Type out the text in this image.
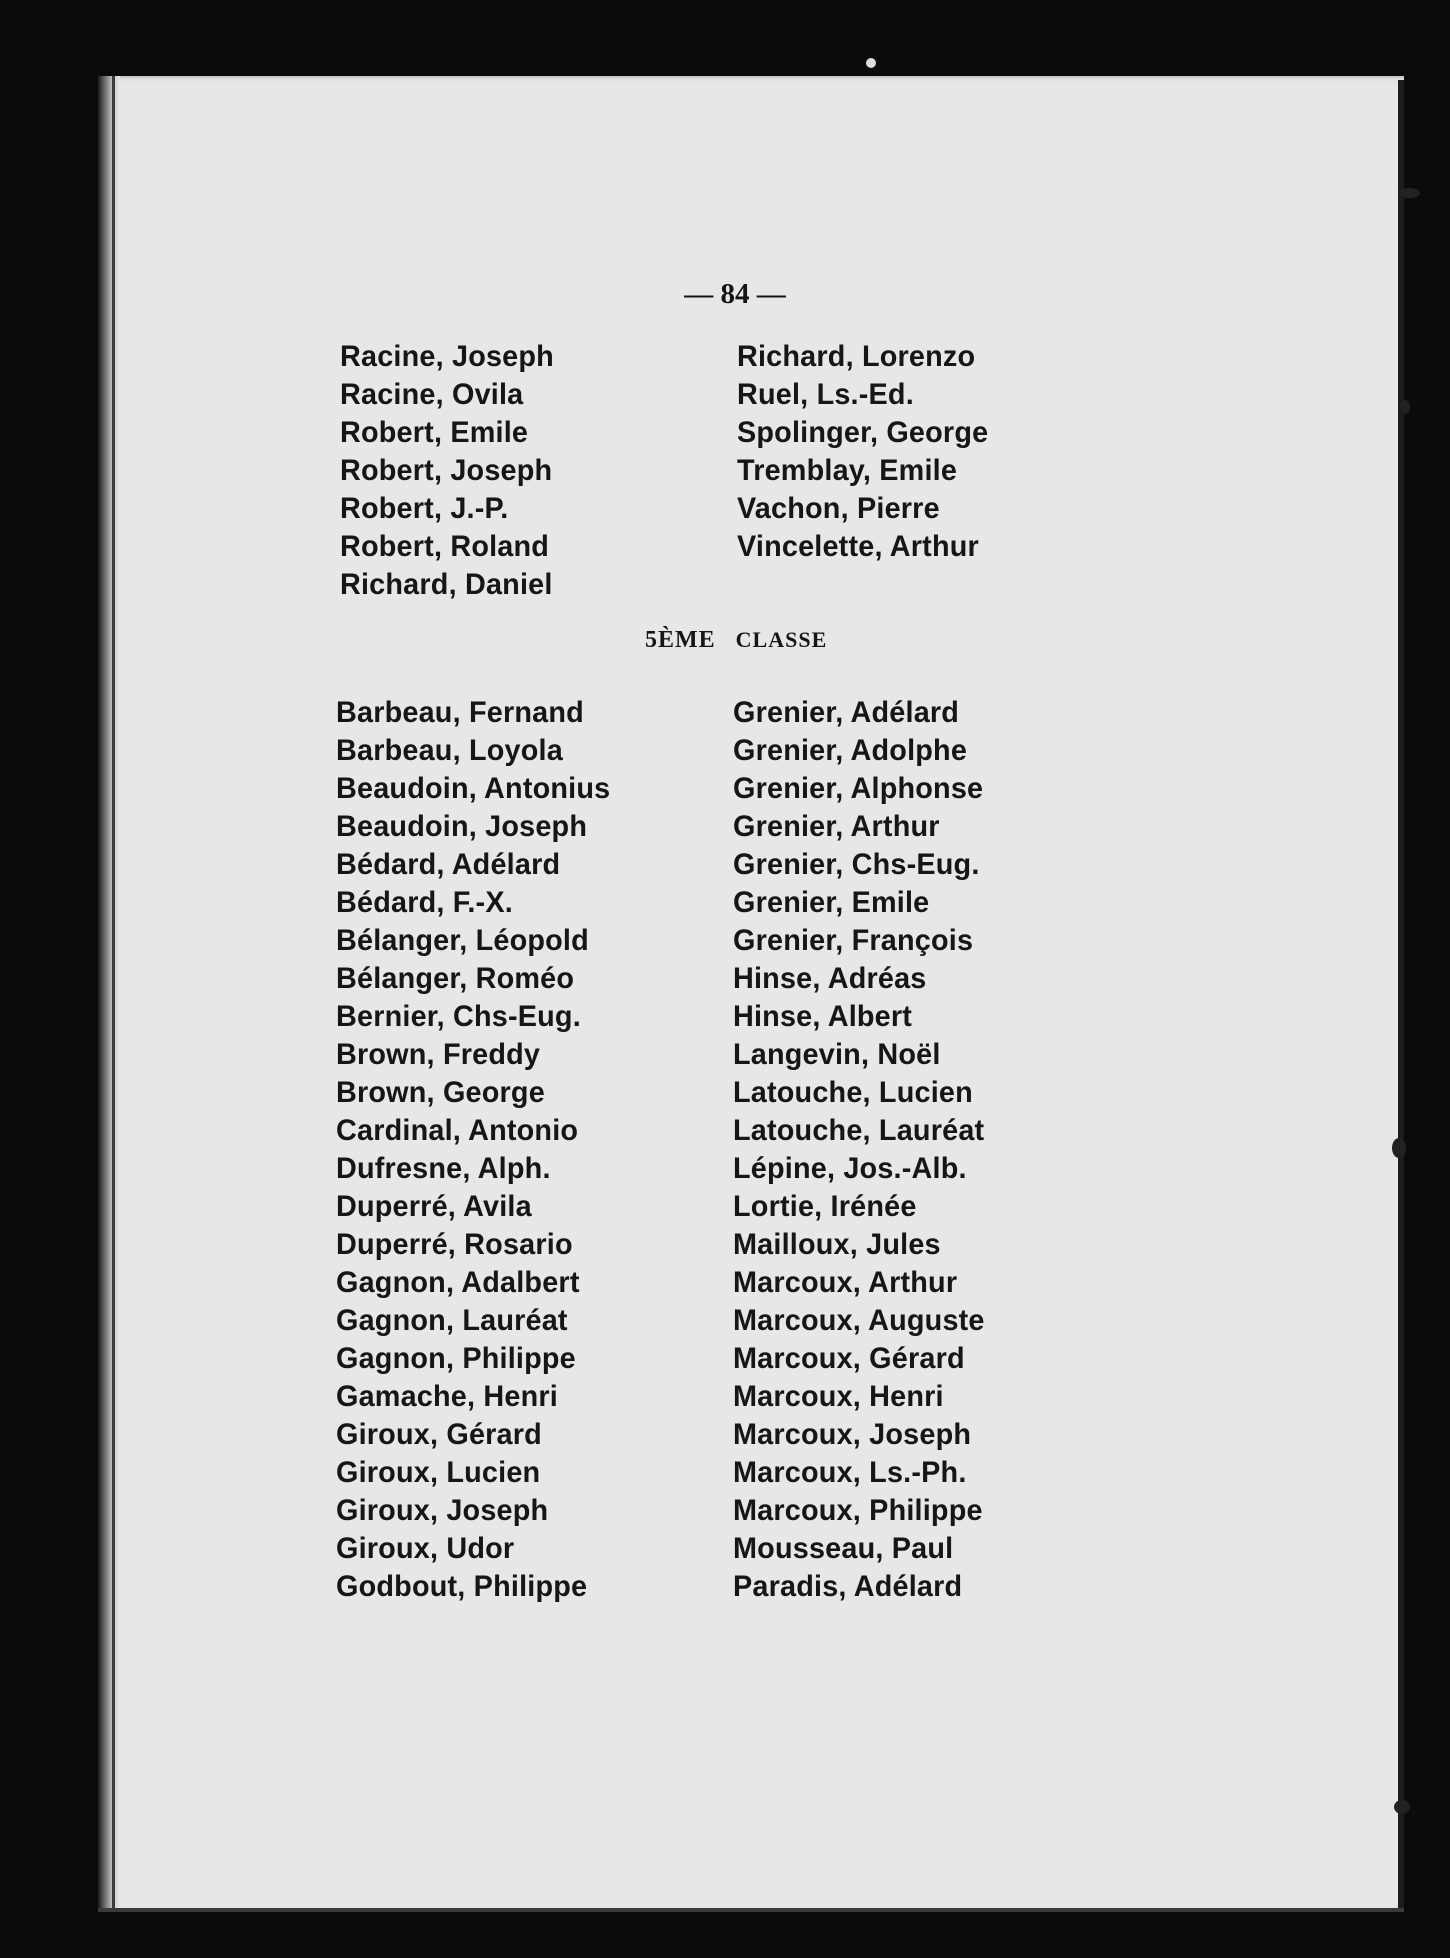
— 84 —
Racine, Joseph
Racine, Ovila
Robert, Emile
Robert, Joseph
Robert, J.-P.
Robert, Roland
Richard, Daniel
Richard, Lorenzo
Ruel, Ls.-Ed.
Spolinger, George
Tremblay, Emile
Vachon, Pierre
Vincelette, Arthur
5ÈME CLASSE
Barbeau, Fernand
Barbeau, Loyola
Beaudoin, Antonius
Beaudoin, Joseph
Bédard, Adélard
Bédard, F.-X.
Bélanger, Léopold
Bélanger, Roméo
Bernier, Chs-Eug.
Brown, Freddy
Brown, George
Cardinal, Antonio
Dufresne, Alph.
Duperré, Avila
Duperré, Rosario
Gagnon, Adalbert
Gagnon, Lauréat
Gagnon, Philippe
Gamache, Henri
Giroux, Gérard
Giroux, Lucien
Giroux, Joseph
Giroux, Udor
Godbout, Philippe
Grenier, Adélard
Grenier, Adolphe
Grenier, Alphonse
Grenier, Arthur
Grenier, Chs-Eug.
Grenier, Emile
Grenier, François
Hinse, Adréas
Hinse, Albert
Langevin, Noël
Latouche, Lucien
Latouche, Lauréat
Lépine, Jos.-Alb.
Lortie, Irénée
Mailloux, Jules
Marcoux, Arthur
Marcoux, Auguste
Marcoux, Gérard
Marcoux, Henri
Marcoux, Joseph
Marcoux, Ls.-Ph.
Marcoux, Philippe
Mousseau, Paul
Paradis, Adélard
